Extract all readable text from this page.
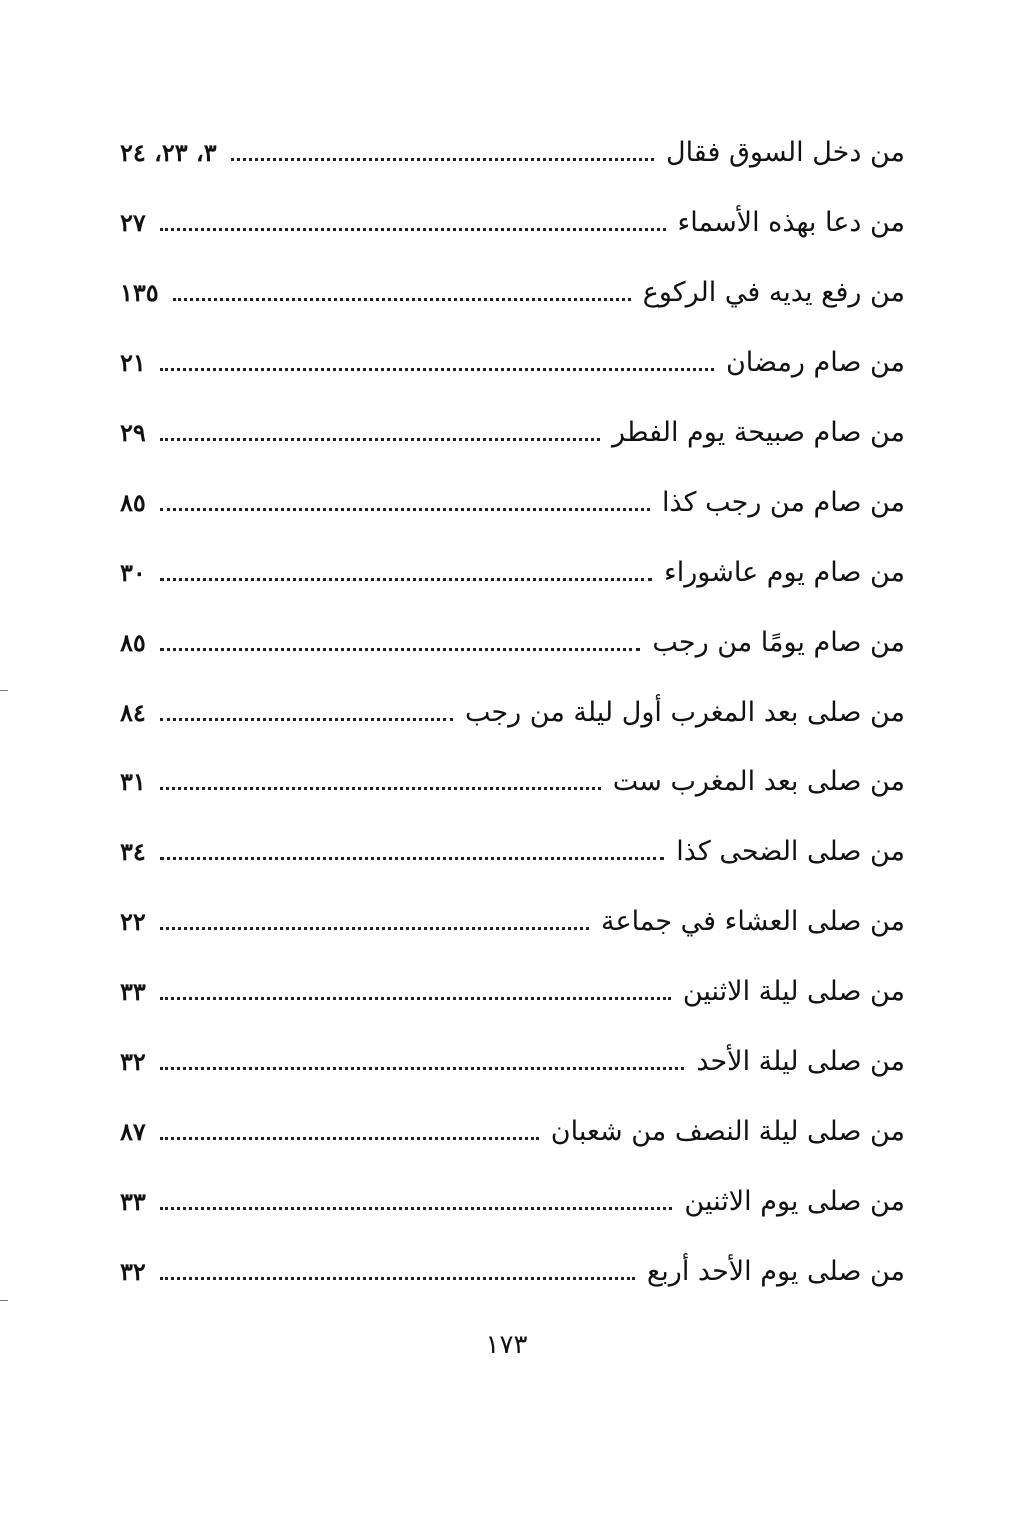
من دخل السوق فقال
٣، ٢٣، ٢٤
من دعا بهذه الأسماء
٢٧
من رفع يديه في الركوع
١٣٥
من صام رمضان
٢١
من صام صبيحة يوم الفطر
٢٩
من صام من رجب كذا
٨٥
من صام يوم عاشوراء
٣٠
من صام يومًا من رجب
٨٥
من صلى بعد المغرب أول ليلة من رجب
٨٤
من صلى بعد المغرب ست
٣١
من صلى الضحى كذا
٣٤
من صلى العشاء في جماعة
٢٢
من صلى ليلة الاثنين
٣٣
من صلى ليلة الأحد
٣٢
من صلى ليلة النصف من شعبان
٨٧
من صلى يوم الاثنين
٣٣
من صلى يوم الأحد أربع
٣٢
١٧٣
